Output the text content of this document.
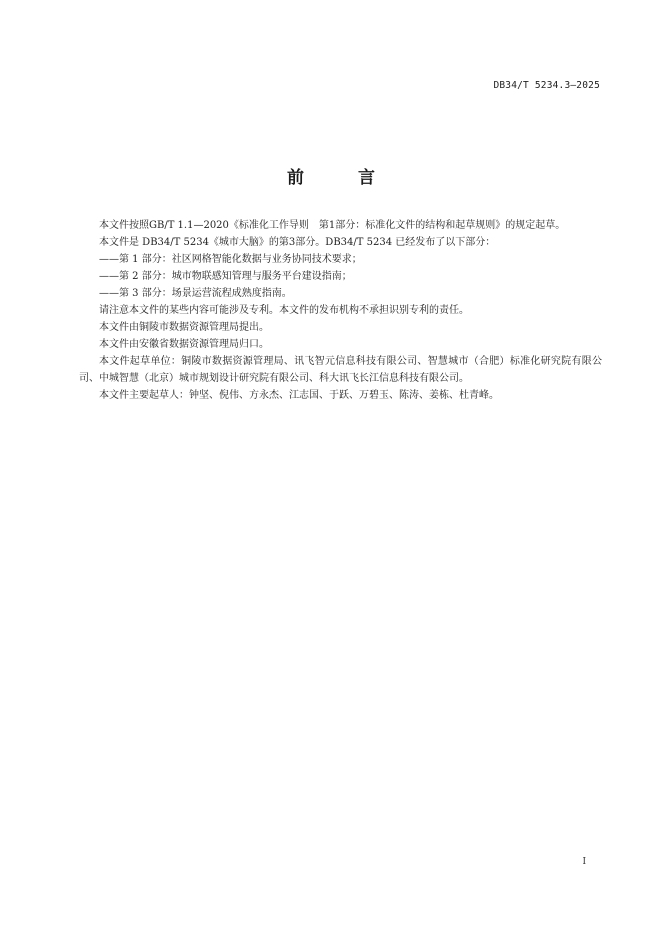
DB34/T 5234.3—2025
前 言

本文件按照GB/T 1.1—2020《标准化工作导则　第1部分：标准化文件的结构和起草规则》的规定起草。

本文件是 DB34/T 5234《城市大脑》的第3部分。DB34/T 5234 已经发布了以下部分：

——第 1 部分：社区网格智能化数据与业务协同技术要求；

——第 2 部分：城市物联感知管理与服务平台建设指南；

——第 3 部分：场景运营流程成熟度指南。

请注意本文件的某些内容可能涉及专利。本文件的发布机构不承担识别专利的责任。

本文件由铜陵市数据资源管理局提出。

本文件由安徽省数据资源管理局归口。

本文件起草单位：铜陵市数据资源管理局、讯飞智元信息科技有限公司、智慧城市（合肥）标准化研究院有限公司、中城智慧（北京）城市规划设计研究院有限公司、科大讯飞长江信息科技有限公司。

本文件主要起草人：钟坚、倪伟、方永杰、江志国、于跃、万碧玉、陈涛、姜栋、杜青峰。

I
